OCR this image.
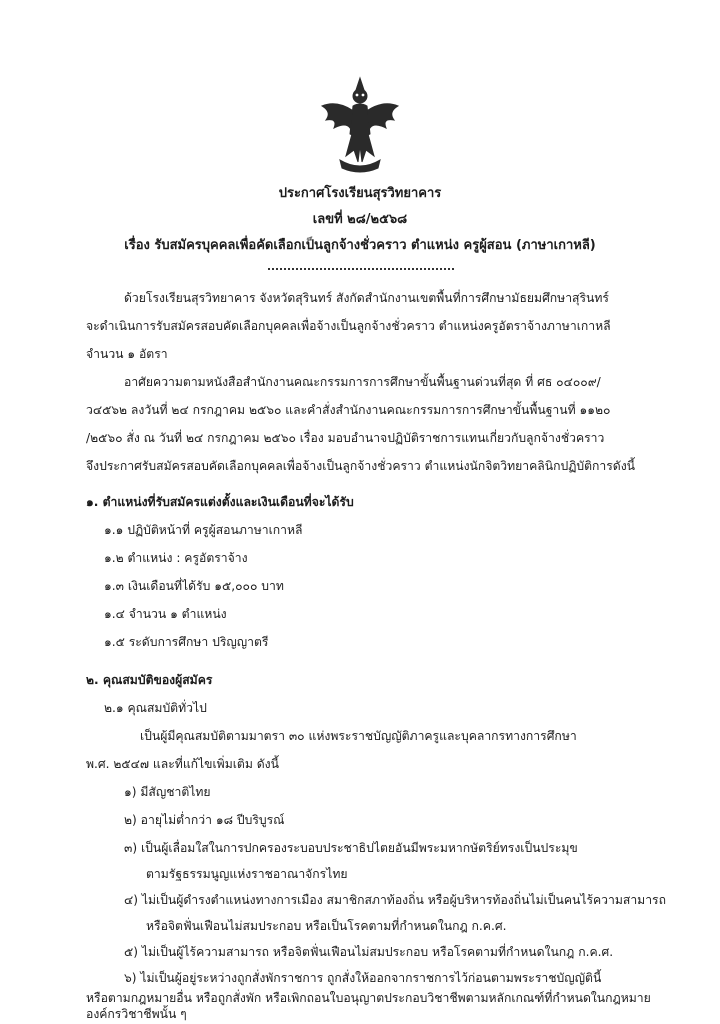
ประกาศโรงเรียนสุรวิทยาคาร
เลขที่ ๒๘/๒๕๖๘
เรื่อง รับสมัครบุคคลเพื่อคัดเลือกเป็นลูกจ้างชั่วคราว ตำแหน่ง ครูผู้สอน (ภาษาเกาหลี)
ด้วยโรงเรียนสุรวิทยาคาร จังหวัดสุรินทร์ สังกัดสำนักงานเขตพื้นที่การศึกษามัธยมศึกษาสุรินทร์
จะดำเนินการรับสมัครสอบคัดเลือกบุคคลเพื่อจ้างเป็นลูกจ้างชั่วคราว ตำแหน่งครูอัตราจ้างภาษาเกาหลี
จำนวน ๑ อัตรา
อาศัยความตามหนังสือสำนักงานคณะกรรมการการศึกษาขั้นพื้นฐานด่วนที่สุด ที่ ศธ ๐๔๐๐๙/
ว๔๕๖๒ ลงวันที่ ๒๔ กรกฎาคม ๒๕๖๐ และคำสั่งสำนักงานคณะกรรมการการศึกษาขั้นพื้นฐานที่ ๑๑๒๐
/๒๕๖๐ สั่ง ณ วันที่ ๒๔ กรกฎาคม ๒๕๖๐ เรื่อง มอบอำนาจปฏิบัติราชการแทนเกี่ยวกับลูกจ้างชั่วคราว
จึงประกาศรับสมัครสอบคัดเลือกบุคคลเพื่อจ้างเป็นลูกจ้างชั่วคราว ตำแหน่งนักจิตวิทยาคลินิกปฏิบัติการดังนี้
๑. ตำแหน่งที่รับสมัครแต่งตั้งและเงินเดือนที่จะได้รับ
๑.๑ ปฏิบัติหน้าที่ ครูผู้สอนภาษาเกาหลี
๑.๒ ตำแหน่ง : ครูอัตราจ้าง
๑.๓ เงินเดือนที่ได้รับ ๑๕,๐๐๐ บาท
๑.๔ จำนวน ๑ ตำแหน่ง
๑.๕ ระดับการศึกษา ปริญญาตรี
๒. คุณสมบัติของผู้สมัคร
๒.๑ คุณสมบัติทั่วไป
เป็นผู้มีคุณสมบัติตามมาตรา ๓๐ แห่งพระราชบัญญัติภาครูและบุคลากรทางการศึกษา
พ.ศ. ๒๕๔๗ และที่แก้ไขเพิ่มเติม ดังนี้
๑) มีสัญชาติไทย
๒) อายุไม่ต่ำกว่า ๑๘ ปีบริบูรณ์
๓) เป็นผู้เลื่อมใสในการปกครองระบอบประชาธิปไตยอันมีพระมหากษัตริย์ทรงเป็นประมุข
ตามรัฐธรรมนูญแห่งราชอาณาจักรไทย
๔) ไม่เป็นผู้ดำรงตำแหน่งทางการเมือง สมาชิกสภาท้องถิ่น หรือผู้บริหารท้องถิ่นไม่เป็นคนไร้ความสามารถ
หรือจิตฟั่นเฟือนไม่สมประกอบ หรือเป็นโรคตามที่กำหนดในกฎ ก.ค.ศ.
๕) ไม่เป็นผู้ไร้ความสามารถ หรือจิตฟั่นเฟือนไม่สมประกอบ หรือโรคตามที่กำหนดในกฎ ก.ค.ศ.
๖) ไม่เป็นผู้อยู่ระหว่างถูกสั่งพักราชการ ถูกสั่งให้ออกจากราชการไว้ก่อนตามพระราชบัญญัตินี้
หรือตามกฎหมายอื่น หรือถูกสั่งพัก หรือเพิกถอนใบอนุญาตประกอบวิชาชีพตามหลักเกณฑ์ที่กำหนดในกฎหมาย
องค์กรวิชาชีพนั้น ๆ
